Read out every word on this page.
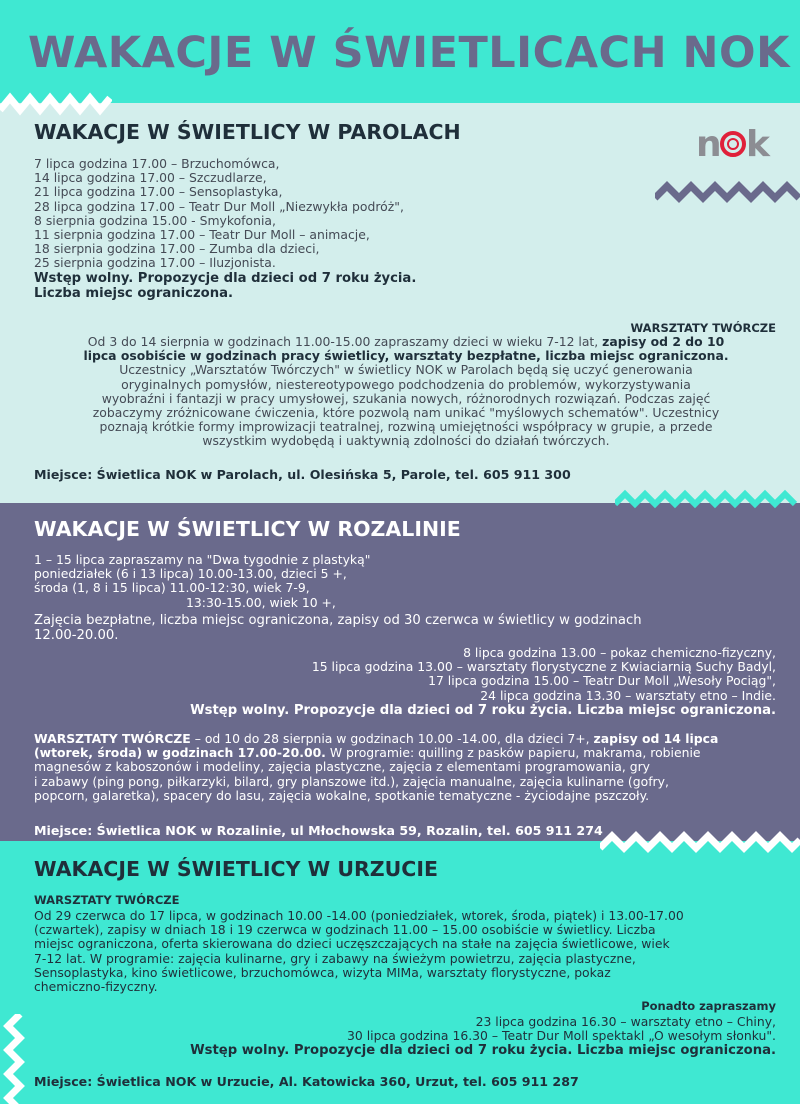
WAKACJE W ŚWIETLICACH NOK
WAKACJE W ŚWIETLICY W PAROLACH	n k
7 lipca godzina 17.00 – Brzuchomówca,
14 lipca godzina 17.00 – Szczudlarze,
21 lipca godzina 17.00 – Sensoplastyka,
28 lipca godzina 17.00 – Teatr Dur Moll „Niezwykła podróż",
8 sierpnia godzina 15.00 - Smykofonia,
11 sierpnia godzina 17.00 – Teatr Dur Moll – animacje,
18 sierpnia godzina 17.00 – Zumba dla dzieci,
25 sierpnia godzina 17.00 – Iluzjonista.
Wstęp wolny. Propozycje dla dzieci od 7 roku życia.
Liczba miejsc ograniczona.
WARSZTATY TWÓRCZE
Od 3 do 14 sierpnia w godzinach 11.00-15.00 zapraszamy dzieci w wieku 7-12 lat, zapisy od 2 do 10
lipca osobiście w godzinach pracy świetlicy, warsztaty bezpłatne, liczba miejsc ograniczona.
Uczestnicy „Warsztatów Twórczych" w świetlicy NOK w Parolach będą się uczyć generowania
oryginalnych pomysłów, niestereotypowego podchodzenia do problemów, wykorzystywania
wyobraźni i fantazji w pracy umysłowej, szukania nowych, różnorodnych rozwiązań. Podczas zajęć
zobaczymy zróżnicowane ćwiczenia, które pozwolą nam unikać "myślowych schematów". Uczestnicy
poznają krótkie formy improwizacji teatralnej, rozwiną umiejętności współpracy w grupie, a przede
wszystkim wydobędą i uaktywnią zdolności do działań twórczych.
Miejsce: Świetlica NOK w Parolach, ul. Olesińska 5, Parole, tel. 605 911 300
WAKACJE W ŚWIETLICY W ROZALINIE
1 – 15 lipca zapraszamy na "Dwa tygodnie z plastyką"
poniedziałek (6 i 13 lipca) 10.00-13.00, dzieci 5 +,
środa (1, 8 i 15 lipca) 11.00-12:30, wiek 7-9,
13:30-15.00, wiek 10 +,
Zajęcia bezpłatne, liczba miejsc ograniczona, zapisy od 30 czerwca w świetlicy w godzinach
12.00-20.00.
8 lipca godzina 13.00 – pokaz chemiczno-fizyczny,
15 lipca godzina 13.00 – warsztaty florystyczne z Kwiaciarnią Suchy Badyl,
17 lipca godzina 15.00 – Teatr Dur Moll „Wesoły Pociąg",
24 lipca godzina 13.30 – warsztaty etno – Indie.
Wstęp wolny. Propozycje dla dzieci od 7 roku życia. Liczba miejsc ograniczona.
WARSZTATY TWÓRCZE – od 10 do 28 sierpnia w godzinach 10.00 -14.00, dla dzieci 7+, zapisy od 14 lipca
(wtorek, środa) w godzinach 17.00-20.00. W programie: quilling z pasków papieru, makrama, robienie
magnesów z kaboszonów i modeliny, zajęcia plastyczne, zajęcia z elementami programowania, gry
i zabawy (ping pong, piłkarzyki, bilard, gry planszowe itd.), zajęcia manualne, zajęcia kulinarne (gofry,
popcorn, galaretka), spacery do lasu, zajęcia wokalne, spotkanie tematyczne - życiodajne pszczoły.
Miejsce: Świetlica NOK w Rozalinie, ul Młochowska 59, Rozalin, tel. 605 911 274
WAKACJE W ŚWIETLICY W URZUCIE
WARSZTATY TWÓRCZE
Od 29 czerwca do 17 lipca, w godzinach 10.00 -14.00 (poniedziałek, wtorek, środa, piątek) i 13.00-17.00
(czwartek), zapisy w dniach 18 i 19 czerwca w godzinach 11.00 – 15.00 osobiście w świetlicy. Liczba
miejsc ograniczona, oferta skierowana do dzieci uczęszczających na stałe na zajęcia świetlicowe, wiek
7-12 lat. W programie: zajęcia kulinarne, gry i zabawy na świeżym powietrzu, zajęcia plastyczne,
Sensoplastyka, kino świetlicowe, brzuchomówca, wizyta MIMa, warsztaty florystyczne, pokaz
chemiczno-fizyczny.
Ponadto zapraszamy
23 lipca godzina 16.30 – warsztaty etno – Chiny,
30 lipca godzina 16.30 – Teatr Dur Moll spektakl „O wesołym słonku".
Wstęp wolny. Propozycje dla dzieci od 7 roku życia. Liczba miejsc ograniczona.
Miejsce: Świetlica NOK w Urzucie, Al. Katowicka 360, Urzut, tel. 605 911 287
